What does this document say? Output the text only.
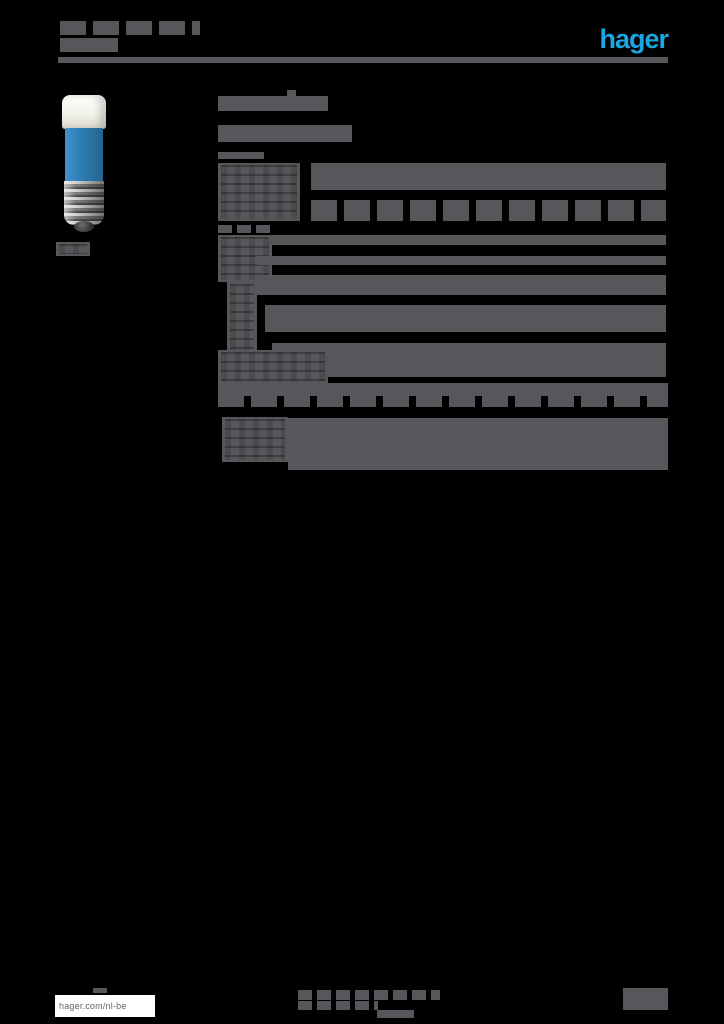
hager
hager.com/nl-be
